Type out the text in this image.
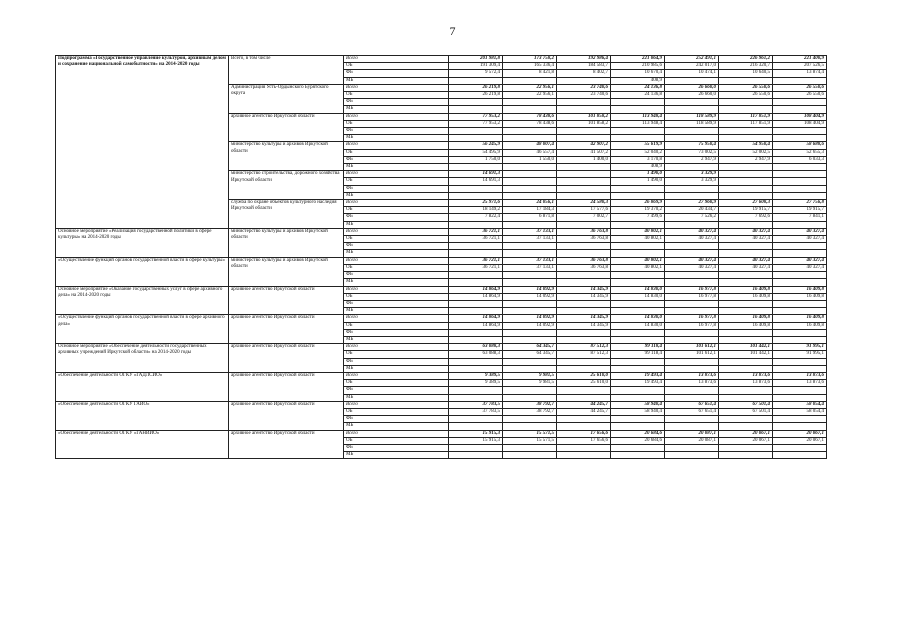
7
Подпрограмма «Государственное управление культурой, архивным делом и сохранение национальной самобытности» на 2014-2020 годы	Всего, в том числе	Всего	201 981,8	173 758,2	192 986,4	221 064,9	252 491,1	226 961,2	221 400,9
		ОБ	191 309,4	165 336,4	184 583,7	210 985,6	242 017,0	216 320,7	207 526,5
		ФБ	9 572,4	8 421,8	8 402,7	10 670,4	10 474,1	10 640,5	13 874,4
		МБ				408,9			
	Администрация Усть-Ордынского Бурятского округа	Всего	26 219,8	22 956,1	23 740,6	24 136,8	26 660,0	26 550,6	26 550,6
		ОБ	26 219,8	22 956,1	23 740,6	24 136,8	26 660,0	26 550,6	26 550,6
		ФБ							
		МБ							
	архивное агентство Иркутской области	Всего	77 953,2	78 438,6	101 858,2	113 948,4	118 589,9	117 851,9	108 404,9
		ОБ	77 953,2	78 438,6	101 858,2	113 948,4	118 589,9	117 851,9	108 404,9
		ФБ							
		МБ							
	министерство культуры и архивов Иркутской области	Всего	56 245,9	48 007,4	42 907,2	55 619,9	75 950,4	54 950,4	58 688,6
		ОБ	54 495,9	46 557,4	41 507,2	52 040,2	73 002,5	52 002,5	52 655,3
		ФБ	1 750,0	1 550,0	1 400,0	3 170,8	2 947,9	2 947,9	6 033,3
		МБ				408,9			
	министерство строительства, дорожного хозяйства Иркутской области	Всего	14 691,3			1 490,0	3 329,9		
		ОБ	14 691,3			1 490,0	3 329,9		
		ФБ							
		МБ							
	служба по охране объектов культурного наследия Иркутской области	Всего	25 971,6	24 056,1	24 580,3	26 869,9	27 960,9	27 608,3	27 756,8
		ОБ	18 149,2	17 184,3	17 577,6	19 370,2	20 434,7	19 915,7	19 915,7
		ФБ	7 822,4	6 871,8	7 002,7	7 499,6	7 526,2	7 692,6	7 841,1
		МБ							
Основное мероприятие «Реализация государственной политики в сфере культуры» на 2014-2020 годы	министерство культуры и архивов Иркутской области	Всего	36 721,1	37 133,1	36 763,8	40 802,1	40 327,4	40 327,4	40 327,4
		ОБ	36 721,1	37 133,1	36 763,8	40 802,1	40 327,4	40 327,4	40 327,4
		ФБ							
		МБ							
«Осуществление функций органов государственной власти в сфере культуры»	министерство культуры и архивов Иркутской области	Всего	36 721,1	37 133,1	36 763,8	40 802,1	40 327,4	40 327,4	40 327,4
		ОБ	36 721,1	37 133,1	36 763,8	40 802,1	40 327,4	40 327,4	40 327,4
		ФБ							
		МБ							
Основное мероприятие «Оказание государственных услуг в сфере архивного дела» на 2014-2020 годы	архивное агентство Иркутской области	Всего	14 864,9	14 092,9	14 345,9	14 830,0	16 977,8	16 409,8	16 409,8
		ОБ	14 864,9	14 092,9	14 345,9	14 830,0	16 977,8	16 409,8	16 409,8
		ФБ							
		МБ							
«Осуществление функций органов государственной власти в сфере архивного дела»	архивное агентство Иркутской области	Всего	14 864,9	14 092,9	14 345,9	14 830,0	16 977,8	16 409,8	16 409,8
		ОБ	14 864,9	14 092,9	14 345,9	14 830,0	16 977,8	16 409,8	16 409,8
		ФБ							
		МБ							
Основное мероприятие «Обеспечение деятельности государственных архивных учреждений Иркутской области» на 2014-2020 годы	архивное агентство Иркутской области	Всего	63 088,3	64 345,7	87 512,3	99 118,4	101 612,1	101 442,1	91 995,1
		ОБ	63 088,3	64 345,7	87 512,3	99 118,4	101 612,1	101 442,1	91 995,1
		ФБ							
		МБ							
«Обеспечение деятельности ОГКУ «ГАДЛСИО»	архивное агентство Иркутской области	Всего	9 389,5	9 981,5	25 610,0	19 493,4	13 873,6	13 873,6	13 873,6
		ОБ	9 389,5	9 981,5	25 610,0	19 493,4	13 873,6	13 873,6	13 873,6
		ФБ							
		МБ							
«Обеспечение деятельности ОГКУ ГАИО»	архивное агентство Иркутской области	Всего	37 783,5	38 792,7	44 245,7	58 940,4	67 651,4	67 501,4	58 054,4
		ОБ	37 783,5	38 792,7	44 245,7	58 940,4	67 651,4	67 501,4	58 054,4
		ФБ							
		МБ							
«Обеспечение деятельности ОГКУ «ГАНИИО»	архивное агентство Иркутской области	Всего	15 915,3	15 571,5	17 656,6	20 684,6	20 087,1	20 067,1	20 067,1
		ОБ	15 915,3	15 571,5	17 656,6	20 684,6	20 087,1	20 067,1	20 067,1
		ФБ							
		МБ							
